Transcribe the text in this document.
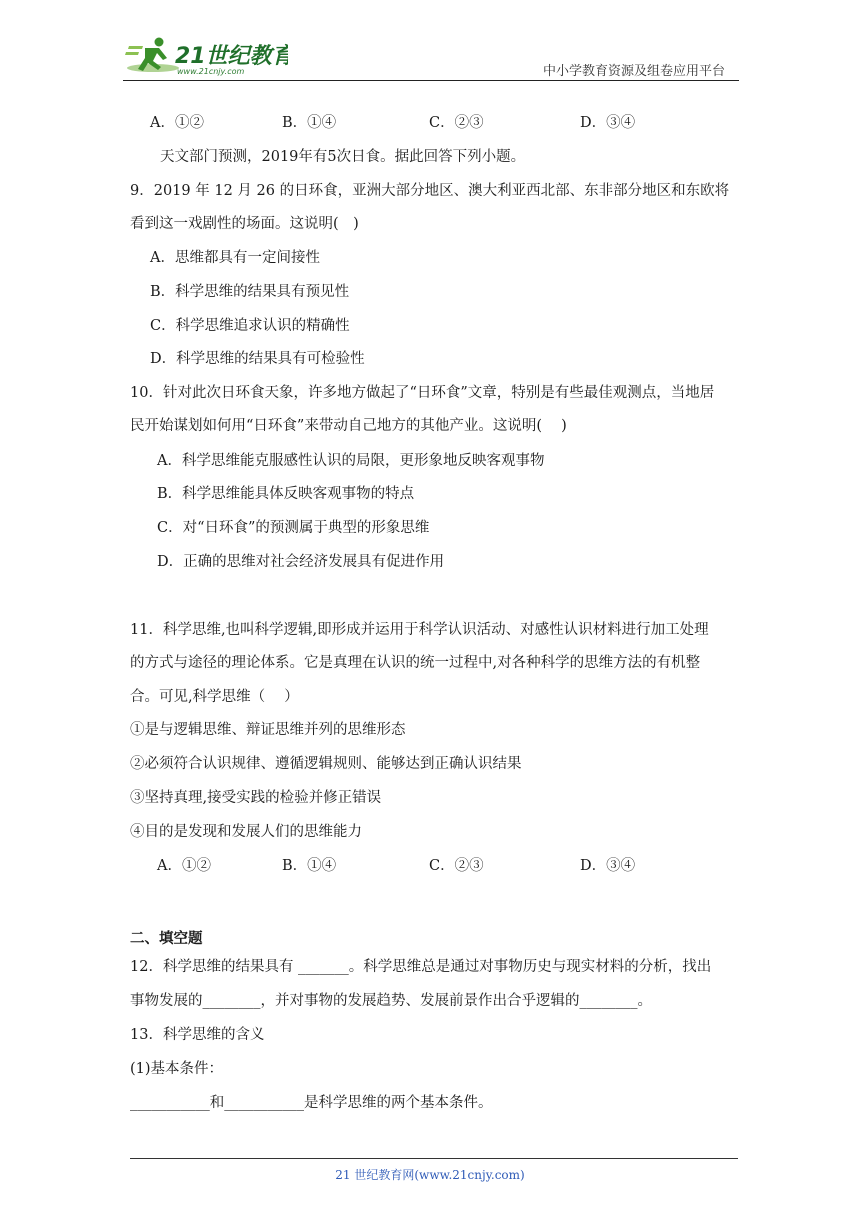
21世纪教育
www.21cnjy.com	中小学教育资源及组卷应用平台
A．①②	B．①④	C．②③	D．③④
天文部门预测，2019年有5次日食。据此回答下列小题。
9．2019 年 12 月 26 的日环食，亚洲大部分地区、澳大利亚西北部、东非部分地区和东欧将
看到这一戏剧性的场面。这说明(　)
A．思维都具有一定间接性
B．科学思维的结果具有预见性
C．科学思维追求认识的精确性
D．科学思维的结果具有可检验性
10．针对此次日环食天象，许多地方做起了“日环食”文章，特别是有些最佳观测点，当地居
民开始谋划如何用“日环食”来带动自己地方的其他产业。这说明(　 )
A．科学思维能克服感性认识的局限，更形象地反映客观事物
B．科学思维能具体反映客观事物的特点
C．对“日环食”的预测属于典型的形象思维
D．正确的思维对社会经济发展具有促进作用
11．科学思维,也叫科学逻辑,即形成并运用于科学认识活动、对感性认识材料进行加工处理
的方式与途径的理论体系。它是真理在认识的统一过程中,对各种科学的思维方法的有机整
合。可见,科学思维（　 ）
①是与逻辑思维、辩证思维并列的思维形态
②必须符合认识规律、遵循逻辑规则、能够达到正确认识结果
③坚持真理,接受实践的检验并修正错误
④目的是发现和发展人们的思维能力
A．①②	B．①④	C．②③	D．③④
二、填空题
12．科学思维的结果具有 _______。科学思维总是通过对事物历史与现实材料的分析，找出
事物发展的________，并对事物的发展趋势、发展前景作出合乎逻辑的________。
13．科学思维的含义
(1)基本条件：
___________和___________是科学思维的两个基本条件。
21 世纪教育网(www.21cnjy.com)
